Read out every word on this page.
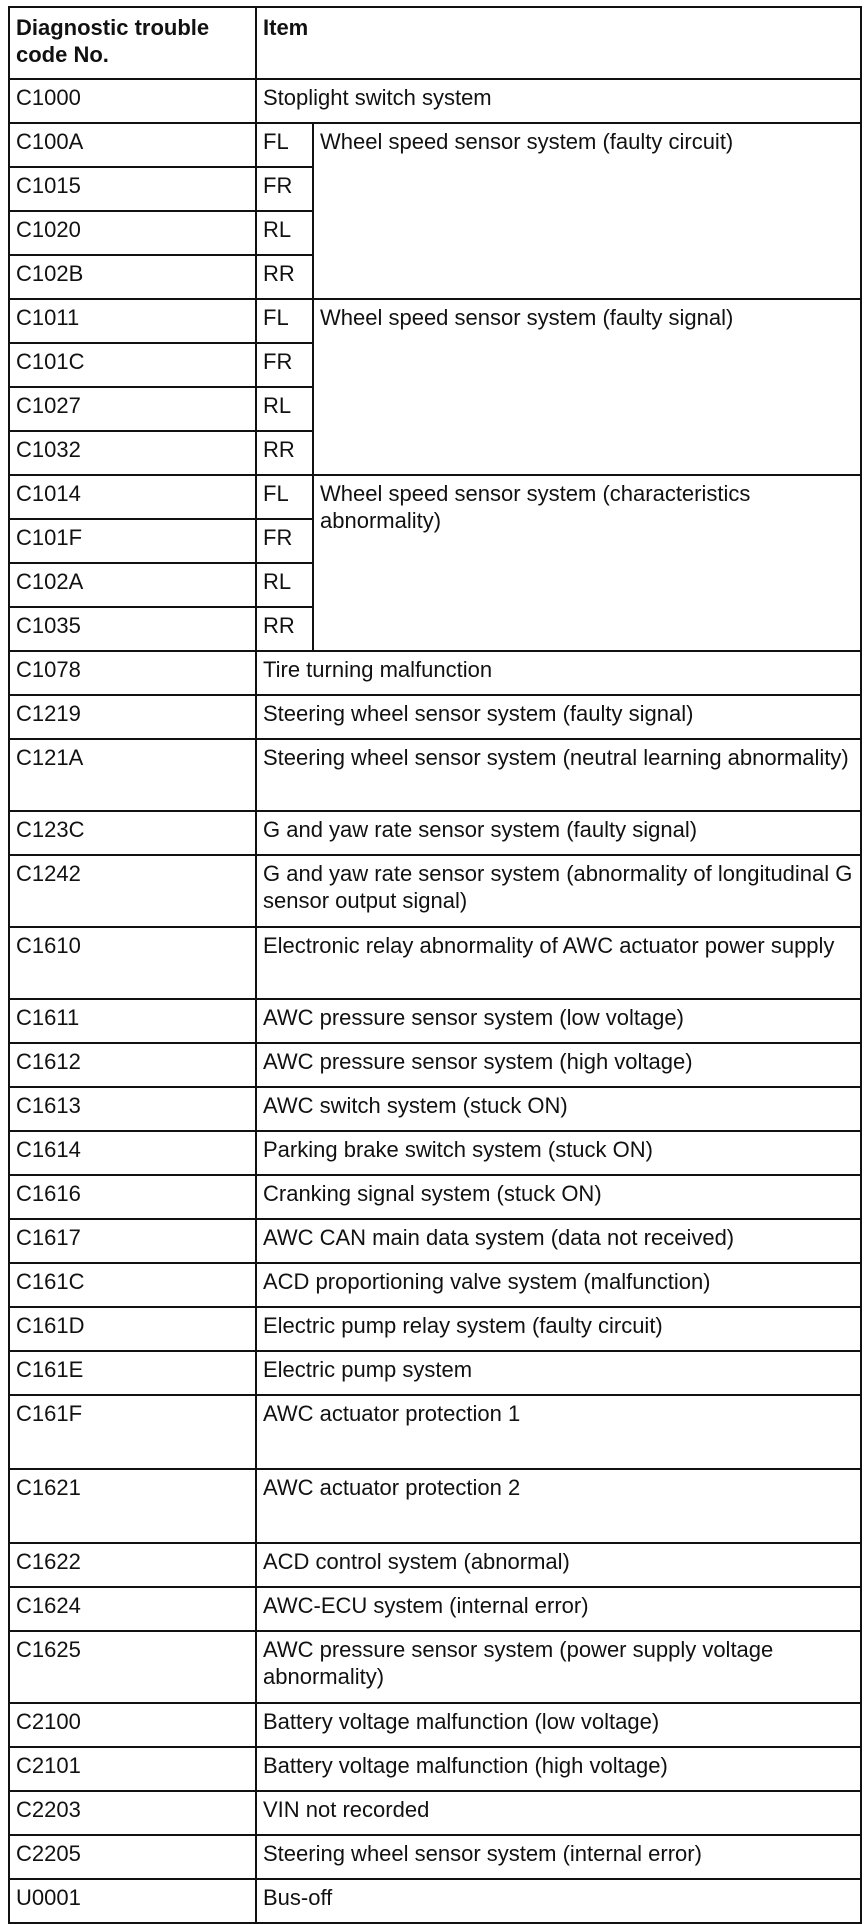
Diagnostic trouble code No.	Item	
C1000	Stoplight switch system	
C100A	FL	Wheel speed sensor system (faulty circuit)
C1015	FR	
C1020	RL	
C102B	RR	
C1011	FL	Wheel speed sensor system (faulty signal)
C101C	FR	
C1027	RL	
C1032	RR	
C1014	FL	Wheel speed sensor system (characteristics abnormality)
C101F	FR	
C102A	RL	
C1035	RR	
C1078	Tire turning malfunction	
C1219	Steering wheel sensor system (faulty signal)	
C121A	Steering wheel sensor system (neutral learning abnormality)	
C123C	G and yaw rate sensor system (faulty signal)	
C1242	G and yaw rate sensor system (abnormality of longitudinal G sensor output signal)	
C1610	Electronic relay abnormality of AWC actuator power supply	
C1611	AWC pressure sensor system (low voltage)	
C1612	AWC pressure sensor system (high voltage)	
C1613	AWC switch system (stuck ON)	
C1614	Parking brake switch system (stuck ON)	
C1616	Cranking signal system (stuck ON)	
C1617	AWC CAN main data system (data not received)	
C161C	ACD proportioning valve system (malfunction)	
C161D	Electric pump relay system (faulty circuit)	
C161E	Electric pump system	
C161F	AWC actuator protection 1	
C1621	AWC actuator protection 2	
C1622	ACD control system (abnormal)	
C1624	AWC-ECU system (internal error)	
C1625	AWC pressure sensor system (power supply voltage abnormality)	
C2100	Battery voltage malfunction (low voltage)	
C2101	Battery voltage malfunction (high voltage)	
C2203	VIN not recorded	
C2205	Steering wheel sensor system (internal error)	
U0001	Bus-off	
